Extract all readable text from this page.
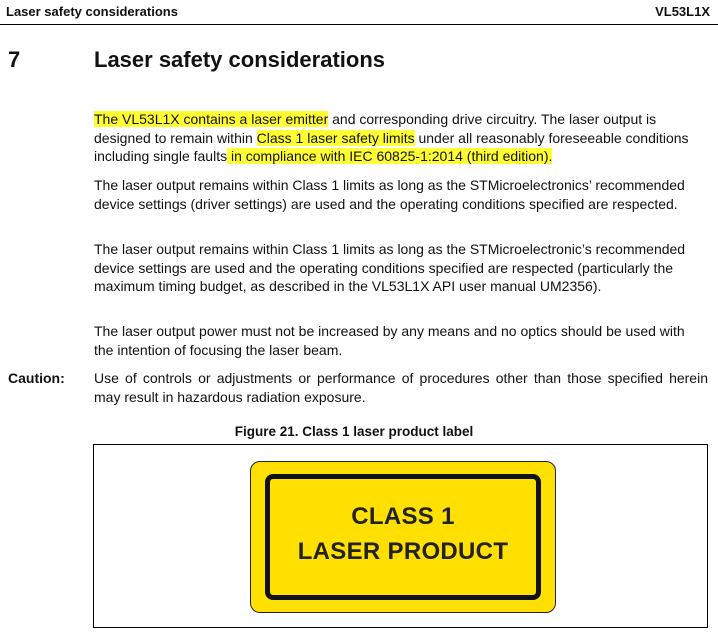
Laser safety considerations	VL53L1X
7	Laser safety considerations

The VL53L1X contains a laser emitter and corresponding drive circuitry. The laser output is designed to remain within Class 1 laser safety limits under all reasonably foreseeable conditions including single faults in compliance with IEC 60825-1:2014 (third edition).

The laser output remains within Class 1 limits as long as the STMicroelectronics’ recommended device settings (driver settings) are used and the operating conditions specified are respected.

The laser output remains within Class 1 limits as long as the STMicroelectronic’s recommended device settings are used and the operating conditions specified are respected (particularly the maximum timing budget, as described in the VL53L1X API user manual UM2356).

The laser output power must not be increased by any means and no optics should be used with the intention of focusing the laser beam.

Caution: Use of controls or adjustments or performance of procedures other than those specified herein may result in hazardous radiation exposure.

Figure 21. Class 1 laser product label
CLASS 1
LASER PRODUCT
